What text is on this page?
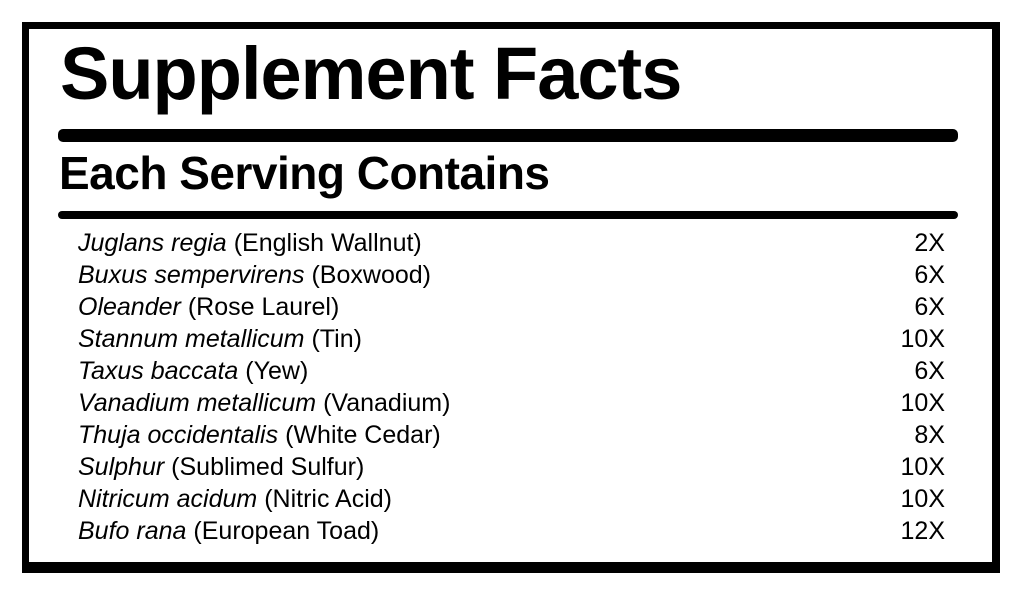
Supplement Facts
Each Serving Contains
Juglans regia (English Wallnut)	2X
Buxus sempervirens (Boxwood)	6X
Oleander (Rose Laurel)	6X
Stannum metallicum (Tin)	10X
Taxus baccata (Yew)	6X
Vanadium metallicum (Vanadium)	10X
Thuja occidentalis (White Cedar)	8X
Sulphur (Sublimed Sulfur)	10X
Nitricum acidum (Nitric Acid)	10X
Bufo rana (European Toad)	12X
